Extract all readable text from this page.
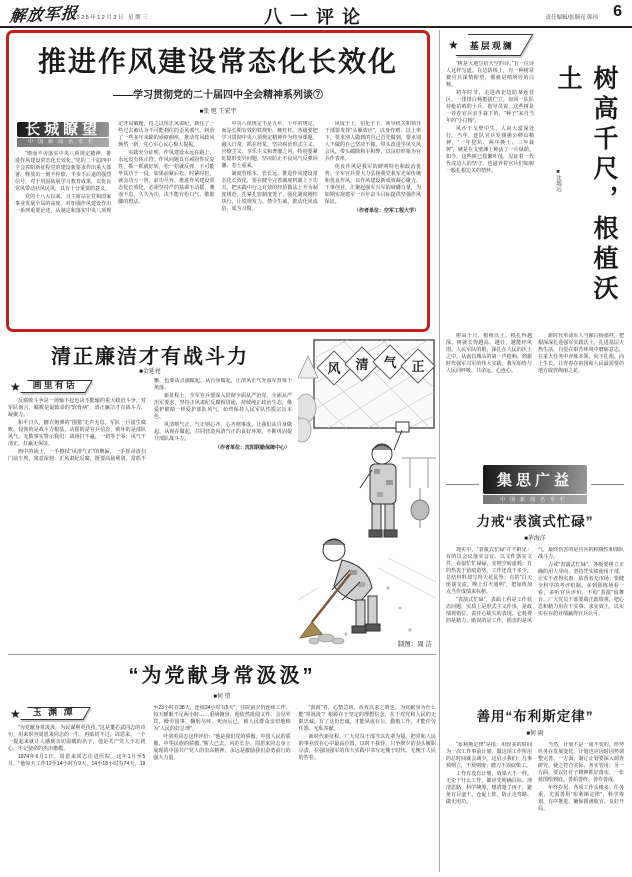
解放军报
2025年12月3日 星期三	八一评论	责任编辑/张顺亮 韩玮 6
推进作风建设常态化长效化
——学习贯彻党的二十届四中全会精神系列谈⑦
■张 旭 王宏宇
长城瞭望
中国新闻名专栏

“锲而不舍落实中央八项规定精神，推进作风建设常态化长效化。”党的二十届四中全会着眼新征程党的建设新要求作出重大部署，释放出一刻不停歇、半步不后退的强烈信号，对于巩固拓展学习教育成果，以优良党风带动社风民风，具有十分重要的意义。

党的十八大以来，习主席站在党和国家事业发展全局的高度，对加强作风建设作出一系列重要论述，从制定和落实中央八项规定开局破题，持之以恒正风肃纪，刹住了一些过去被认为不可能刹住的歪风邪气，纠治了一些多年未除的顽瘴痼疾，推动党风政风焕然一新，党心军心民心极大提振。

实践充分证明，作风建设永远在路上，永远没有休止符。作风问题具有顽固性反复性，抓一抓就好转，松一松就反弹，不可能毕其功于一役。如果前紧后松、时紧时松，就会功亏一篑、前功尽弃。推进作风建设常态化长效化，必须坚持严的基调不动摇，驰而不息、久久为功，决不能有松口气、歇歇脚的想法。

中央八项规定不是五年、十年的规定，而是长期有效的铁规矩、硬杠杠。各级要把学习贯彻中央八项规定精神作为终身课题，融入日常、抓在经常，坚决纠治形式主义、官僚主义、享乐主义和奢靡之风，特别要紧盯隐形变异问题，坚决防止不良风气反弹回潮、卷土重来。

制度管根本、管长远。推进作风建设常态化长效化，要在健全完善制度机制上下功夫，把实践中行之有效的经验做法上升为制度规范，扎紧扎密制度笼子，强化制度刚性执行，让铁规发力、禁令生威，推动化风成俗、成为习惯。

风成于上，俗化于下。领导机关和领导干部要发挥“头雁效应”，以身作则、以上率下，要求别人做到的自己首先做到，要求别人不做的自己坚决不做，带头改进学风文风会风，带头破除和平积弊，以良好形象为官兵作表率。

优良作风是我军的鲜明特色和政治优势。全军官兵要大力弘扬我党我军光荣传统和优良作风，以作风建设新成效凝心聚力、干事创业，汇聚起强军兴军的磅礴力量，为如期实现建军一百年奋斗目标提供坚强作风保证。

（作者单位：空军工程大学）

清正廉洁才有战斗力
■金延亮
★	画里有话

反腐败斗争是一场输不起也决不能输的重大政治斗争。对军队而言，腐败是最致命的“软骨病”，清正廉洁才有战斗力、凝聚力。

和平日久，糖衣炮弹的“围猎”无声无息。军队一旦滋生腐败，侵蚀的是战斗力根基，动摇的是官兵信念，败坏的是部队风气。无数事实警示我们：战场打不赢，一切等于零；风气不清正，打赢无保证。

画中的战士，一手擦拭“风清气正”的牌匾，一手挥帚清扫门前尘埃，寓意深刻：正风肃纪反腐，既要高悬利剑、常抓不懈，也要从点滴做起、从自身做起，让清风正气充盈军营每个角落。

新征程上，全军官兵要深入贯彻全面从严治党、全面从严治军要求，坚持正风肃纪反腐相贯通，持续纯正政治生态，像爱护眼睛一样爱护部队风气，始终保持人民军队性质宗旨本色。

风清则气正，气正则心齐，心齐则事成。让我们从自身做起、从现在做起，共同营造风清气正的良好环境，不断巩固提升部队战斗力。

（作者单位：沈阳联勤保障中心）

风 清 气 正
制图：周 洁
“为党献身常汲汲”
■何 望
★	玉 渊 潭

“为党献身常汲汲，为民谋利更孜孜。”这是董必武同志的诗句，用来形容周恩来同志的一生，再贴切不过。周恩来，一个一提起来就让人感到亲切温暖的名字，他是共产党人不忘初心、牢记使命的杰出楷模。

1974年6月1日，周恩来同志住进医院。这年1月至5月，“他每天工作12至14小时有9天，14至18小时有74天，19至23小时有38天，连续24小时有5天”，住院前夕仍连续工作，每天睡眠不足两小时……重病缠身，他依然批阅文件、会见外宾、操劳国事，鞠躬尽瘁，死而后已，被人民群众亲切地称为“人民的好总理”。

叶剑英同志这样评价：“他是我们党的骄傲，中国人民的骄傲，中华民族的骄傲。”斯人已去，风范长存。周恩来同志身上展现的中国共产党人的崇高精神，永远是激励我们奋勇前行的强大力量。

“汲汲”者，心情急切、孜孜以求之谓也。为党献身为什么能“常汲汲”？根源在于坚定的理想信念，在于对党和人民的无限忠诚。有了这份忠诚，才能夙夜在公、勤勉工作，才能任劳任怨、无私奉献。

新时代新征程，广大党员干部当以先辈为镜，把党和人民的事业放在心中最高位置，以时不我待、只争朝夕的劲头履职尽责，在强国强军的伟大实践中书写无愧于时代、无愧于人民的答卷。

★	基层观澜

“树是大地写给天空的诗。”有一位诗人这样写道。在边防线上，有一种树常被官兵深情仰望，那就是哨所旁的白杨。

初冬时节，走进西北边防某连营区，一排排白杨挺拔伫立，如同一队队持枪站哨的士兵。指导员说，这些树是一茬茬官兵亲手栽下的，“种子”来自当年的“小白杨”。

风沙于戈壁中生，人向大漠深处行。当年，连队官兵发扬愚公移山精神，“一年挖坑、两年换土、三年栽树”，硬是在戈壁滩上种活了一片绿荫。如今，这些树已枝繁叶茂，见证着一代代戍边人的坚守，也滋养着官兵们如树一般扎根边关的情怀。	树高千尺，根植沃土
■沈瑞远

树高千尺，根植沃土。根扎得越深，树就长得越高、越壮，越能经风雨。人民军队的根，深扎在人民的沃土之中。从南昌城头的第一声枪响，到新时代强军兴军的伟大实践，我军始终与人民同呼吸、共命运、心连心。

新时代革命军人当像白杨那样，把根深深扎进强军实践沃土，扎进基层火热生活，自觉在艰苦环境中磨砺意志，在重大任务中淬炼本领，向下扎根、向上生长，让青春在祖国和人民最需要的地方绽放绚丽之花。

集思广益
中国新闻名专栏
力戒“表演式忙碌”
■茅海洋

现实中，“表演式忙碌”并不鲜见：有的以会议落实会议、以文件落实文件，看似忙忙碌碌，实则空转虚耗；有的热衷于留痕造势，工作还没干多少，总结材料却写得天花乱坠；有的“白天座谈交流、晚上灯火通明”，把加班加点当作成绩来标榜。

“表演式忙碌”，表面上看是工作状态问题，实质上是形式主义作祟，是政绩观错位、责任心缺失的表现。它耗费的是精力，贻误的是工作，损害的是风气，最终伤害的是官兵的积极性和部队战斗力。

力戒“表演式忙碌”，各级要树立正确的用人导向，坚持凭实绩使用干部，让实干者得实惠、钻营者无市场；要健全科学的考评机制，多到训练场看一看，多听官兵评价，不给“表演”留舞台。广大党员干部要端正政绩观，把心思和精力用在干实事、求实效上，以实实在在的业绩赢得官兵认可。

善用“布利斯定律”
■何 雨

“布利斯定律”是指：用较多的时间为一次工作事前计划，做这项工作所用的总时间就会减少。这启示我们：凡事预则立，不预则废；磨刀不误砍柴工。

工作有没有计划，效果大不一样。无论干什么工作，都应先明确目标、理清思路、科学统筹，想清楚了再干，避免盲目蛮干、仓促上阵，防止走弯路、做无用功。

当然，计划不是一成不变的。形势任务在发展变化，计划也应因时因势调整完善。一方面，制订计划要深入调查研究，使之符合实际、务实管用；另一方面，要以钉钉子精神抓好落实，一张蓝图绘到底，善始善终、善作善成。

年终岁尾，各项工作头绪多、任务重，尤需善用“布利斯定律”，科学筹划、有序推进，确保圆满收官、良好开局。
